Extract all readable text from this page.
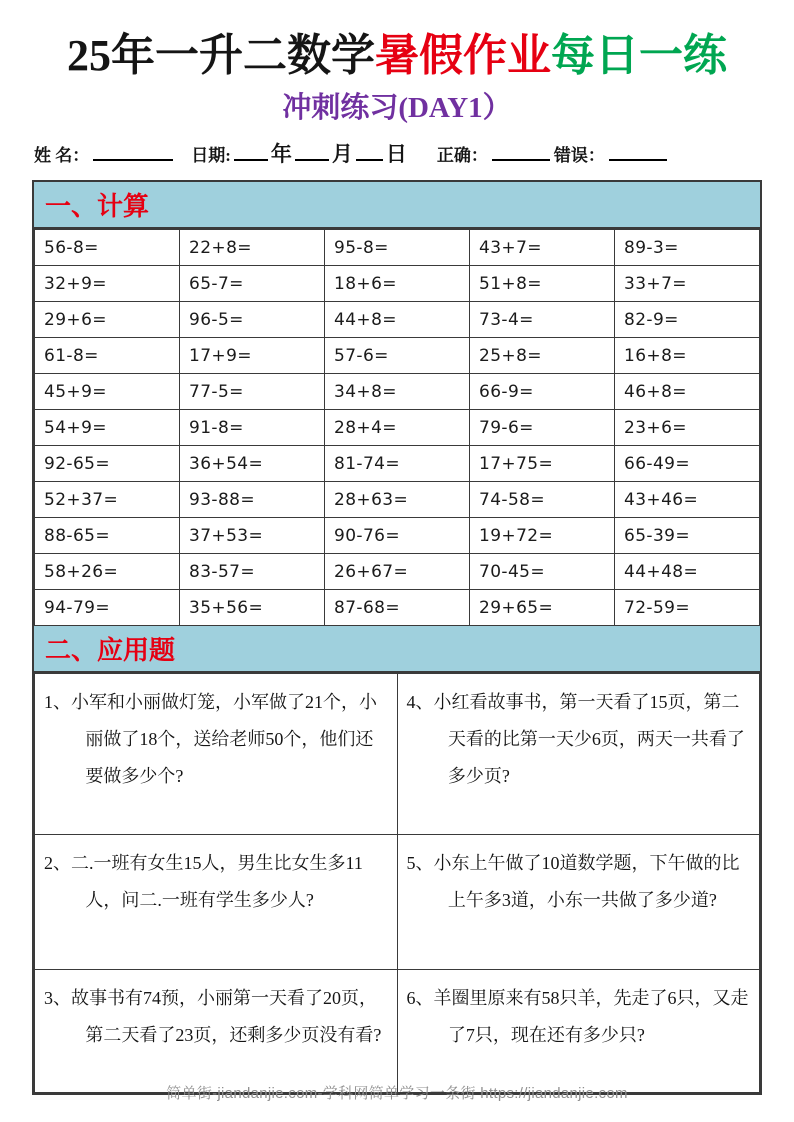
25年一升二数学暑假作业每日一练
冲刺练习(DAY1）
姓 名：	日期: 年 月 日 正确：	错误：
一、计算
56-8=	22+8=	95-8=	43+7=	89-3=
32+9=	65-7=	18+6=	51+8=	33+7=
29+6=	96-5=	44+8=	73-4=	82-9=
61-8=	17+9=	57-6=	25+8=	16+8=
45+9=	77-5=	34+8=	66-9=	46+8=
54+9=	91-8=	28+4=	79-6=	23+6=
92-65=	36+54=	81-74=	17+75=	66-49=
52+37=	93-88=	28+63=	74-58=	43+46=
88-65=	37+53=	90-76=	19+72=	65-39=
58+26=	83-57=	26+67=	70-45=	44+48=
94-79=	35+56=	87-68=	29+65=	72-59=
二、应用题
1、小军和小丽做灯笼，小军做了21个，小丽做了18个，送给老师50个，他们还要做多少个?	4、小红看故事书，第一天看了15页，第二天看的比第一天少6页，两天一共看了多少页?

2、二.一班有女生15人，男生比女生多11人，问二.一班有学生多少人?	5、小东上午做了10道数学题，下午做的比上午多3道，小东一共做了多少道?

3、故事书有74预，小丽第一天看了20页，第二天看了23页，还剩多少页没有看?	6、羊圈里原来有58只羊，先走了6只，又走了7只，现在还有多少只?
简单街-jiandanjie.com-学科网简单学习一条街 https://jiandanjie.com
